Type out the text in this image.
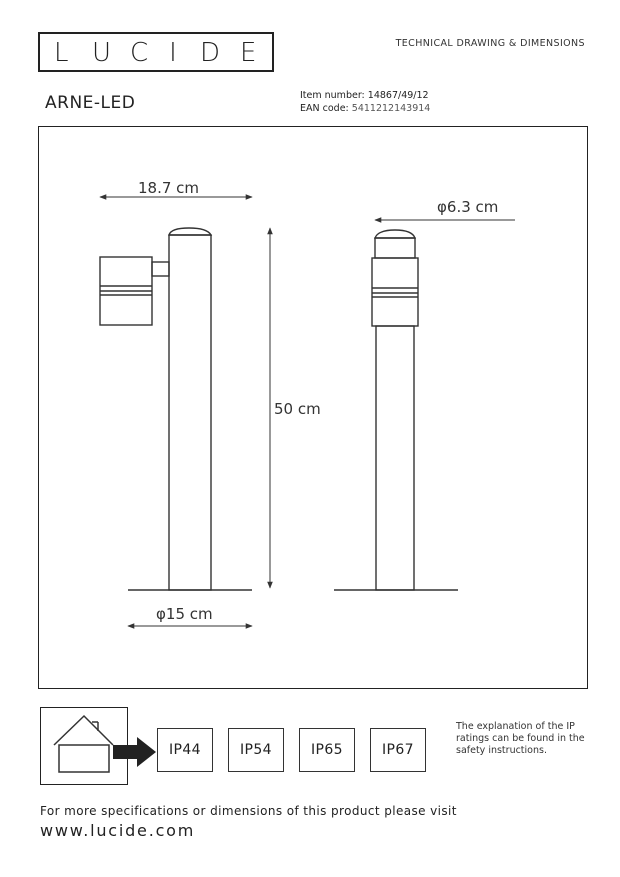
L U C I D E	TECHNICAL DRAWING & DIMENSIONS
ARNE-LED	Item number: 14867/49/12
EAN code: 5411212143914
18.7 cm
φ6.3 cm
50 cm
φ15 cm
IP44	IP54	IP65	IP67
The explanation of the IP ratings can be found in the safety instructions.
For more specifications or dimensions of this product please visit
www.lucide.com
